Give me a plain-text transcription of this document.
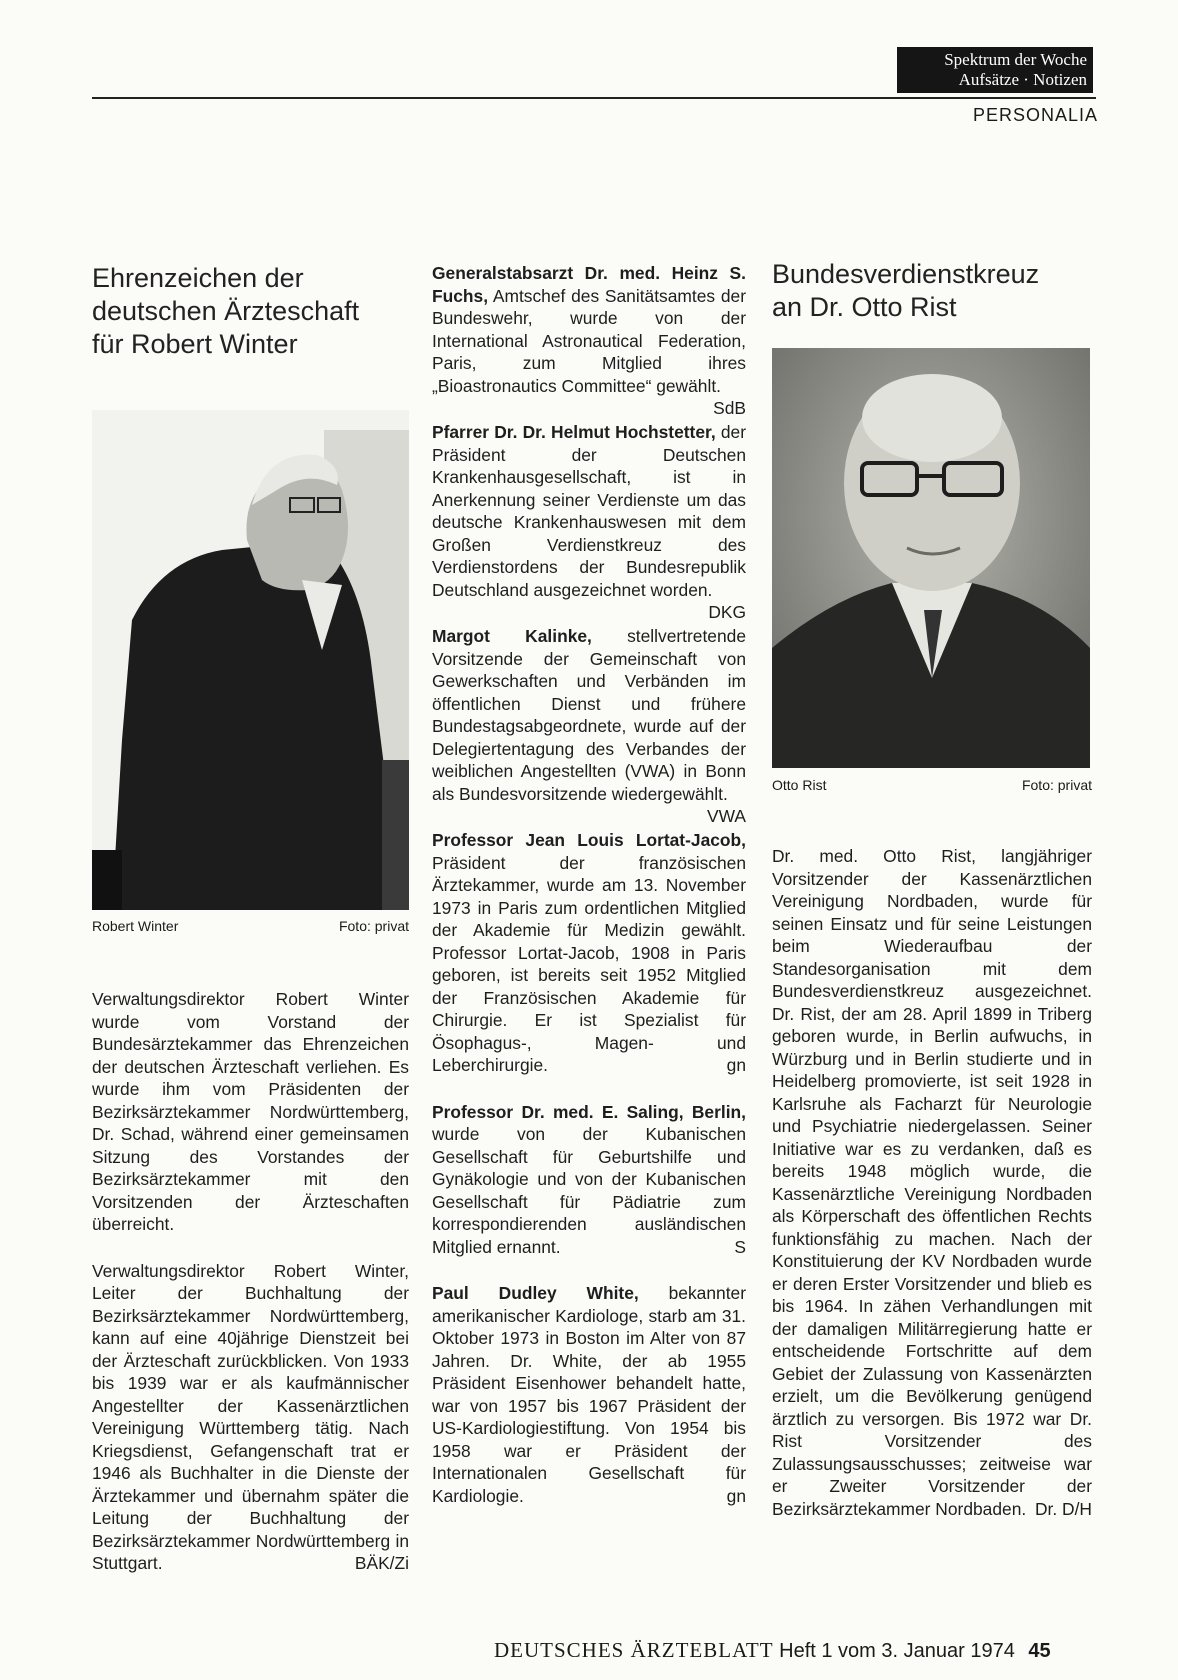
Spektrum der Woche
Aufsätze · Notizen
PERSONALIA
Ehrenzeichen der
deutschen Ärzteschaft
für Robert Winter
Robert Winter	Foto: privat

Verwaltungsdirektor Robert Winter wurde vom Vorstand der Bundesärztekammer das Ehrenzeichen der deutschen Ärzteschaft verliehen. Es wurde ihm vom Präsidenten der Bezirksärztekammer Nordwürttemberg, Dr. Schad, während einer gemeinsamen Sitzung des Vorstandes der Bezirksärztekammer mit den Vorsitzenden der Ärzteschaften überreicht.

Verwaltungsdirektor Robert Winter, Leiter der Buchhaltung der Bezirksärztekammer Nordwürttemberg, kann auf eine 40jährige Dienstzeit bei der Ärzteschaft zurückblicken. Von 1933 bis 1939 war er als kaufmännischer Angestellter der Kassenärztlichen Vereinigung Württemberg tätig. Nach Kriegsdienst, Gefangenschaft trat er 1946 als Buchhalter in die Dienste der Ärztekammer und übernahm später die Leitung der Buchhaltung der Bezirksärztekammer Nordwürttemberg in Stuttgart.	BÄK/Zi

Generalstabsarzt Dr. med. Heinz S. Fuchs, Amtschef des Sanitätsamtes der Bundeswehr, wurde von der International Astronautical Federation, Paris, zum Mitglied ihres „Bioastronautics Committee“ gewählt.
SdB

Pfarrer Dr. Dr. Helmut Hochstetter, der Präsident der Deutschen Krankenhausgesellschaft, ist in Anerkennung seiner Verdienste um das deutsche Krankenhauswesen mit dem Großen Verdienstkreuz des Verdienstordens der Bundesrepublik Deutschland ausgezeichnet worden.
DKG

Margot Kalinke, stellvertretende Vorsitzende der Gemeinschaft von Gewerkschaften und Verbänden im öffentlichen Dienst und frühere Bundestagsabgeordnete, wurde auf der Delegiertentagung des Verbandes der weiblichen Angestellten (VWA) in Bonn als Bundesvorsitzende wiedergewählt.
VWA

Professor Jean Louis Lortat-Jacob, Präsident der französischen Ärztekammer, wurde am 13. November 1973 in Paris zum ordentlichen Mitglied der Akademie für Medizin gewählt. Professor Lortat-Jacob, 1908 in Paris geboren, ist bereits seit 1952 Mitglied der Französischen Akademie für Chirurgie. Er ist Spezialist für Ösophagus-, Magen- und Leberchirurgie.	gn

Professor Dr. med. E. Saling, Berlin, wurde von der Kubanischen Gesellschaft für Geburtshilfe und Gynäkologie und von der Kubanischen Gesellschaft für Pädiatrie zum korrespondierenden ausländischen Mitglied ernannt.	S

Paul Dudley White, bekannter amerikanischer Kardiologe, starb am 31. Oktober 1973 in Boston im Alter von 87 Jahren. Dr. White, der ab 1955 Präsident Eisenhower behandelt hatte, war von 1957 bis 1967 Präsident der US-Kardiologiestiftung. Von 1954 bis 1958 war er Präsident der Internationalen Gesellschaft für Kardiologie.	gn

Bundesverdienstkreuz
an Dr. Otto Rist
Otto Rist	Foto: privat

Dr. med. Otto Rist, langjähriger Vorsitzender der Kassenärztlichen Vereinigung Nordbaden, wurde für seinen Einsatz und für seine Leistungen beim Wiederaufbau der Standesorganisation mit dem Bundesverdienstkreuz ausgezeichnet. Dr. Rist, der am 28. April 1899 in Triberg geboren wurde, in Berlin aufwuchs, in Würzburg und in Berlin studierte und in Heidelberg promovierte, ist seit 1928 in Karlsruhe als Facharzt für Neurologie und Psychiatrie niedergelassen. Seiner Initiative war es zu verdanken, daß es bereits 1948 möglich wurde, die Kassenärztliche Vereinigung Nordbaden als Körperschaft des öffentlichen Rechts funktionsfähig zu machen. Nach der Konstituierung der KV Nordbaden wurde er deren Erster Vorsitzender und blieb es bis 1964. In zähen Verhandlungen mit der damaligen Militärregierung hatte er entscheidende Fortschritte auf dem Gebiet der Zulassung von Kassenärzten erzielt, um die Bevölkerung genügend ärztlich zu versorgen. Bis 1972 war Dr. Rist Vorsitzender des Zulassungsausschusses; zeitweise war er Zweiter Vorsitzender der Bezirksärztekammer Nordbaden. Dr. D/H

DEUTSCHES ÄRZTEBLATT Heft 1 vom 3. Januar 1974 45
